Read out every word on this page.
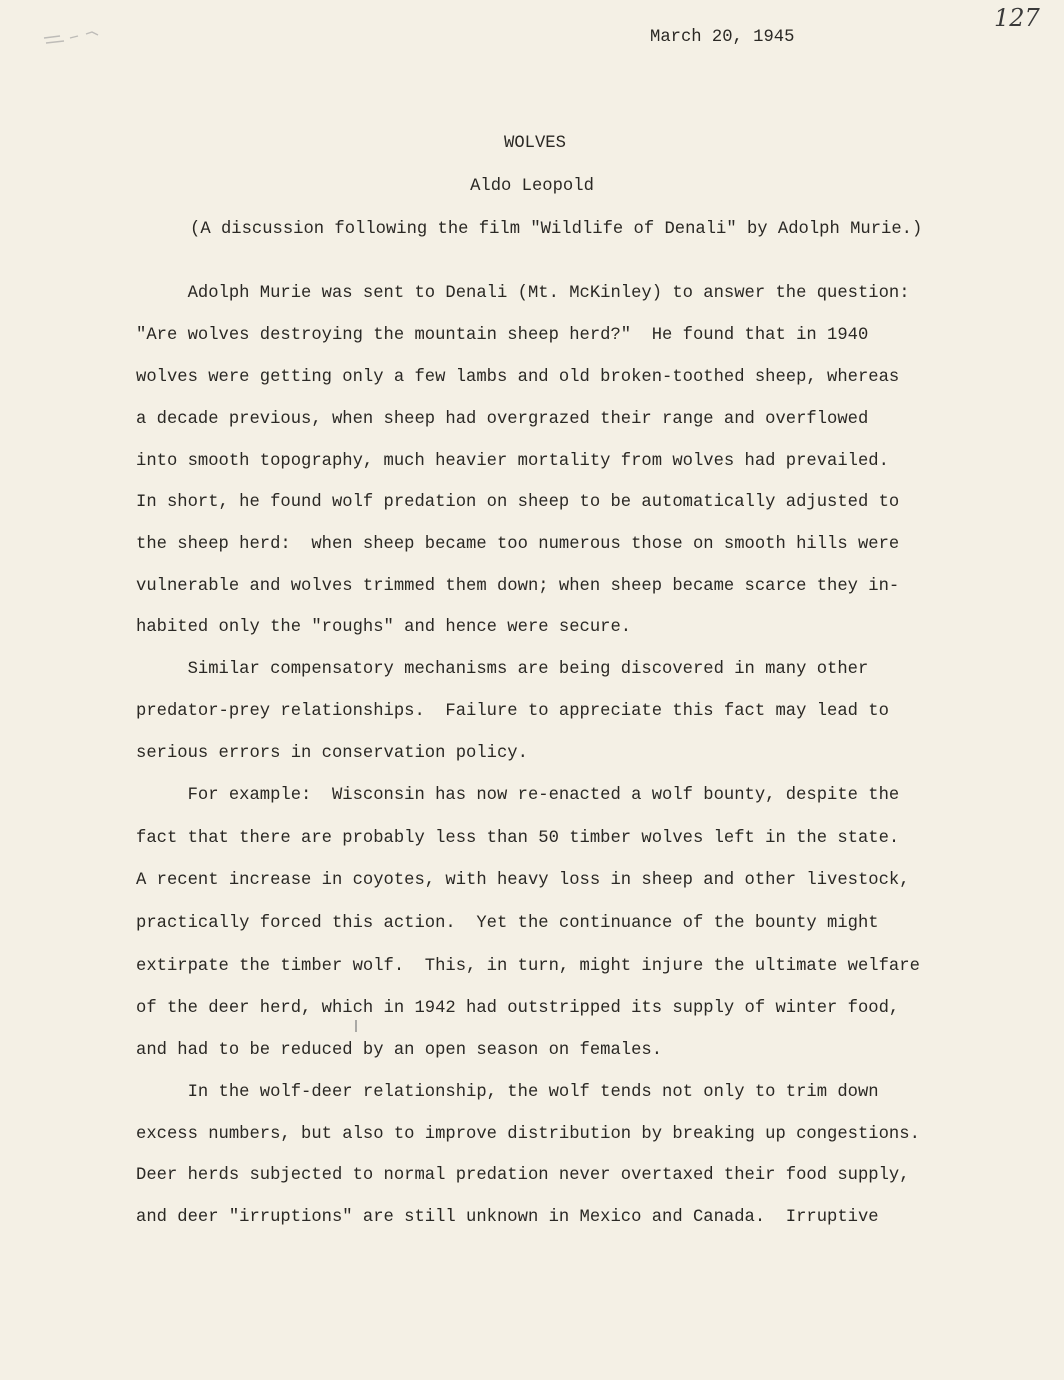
127
March 20, 1945
WOLVES
Aldo Leopold
(A discussion following the film "Wildlife of Denali" by Adolph Murie.)
Adolph Murie was sent to Denali (Mt. McKinley) to answer the question:
"Are wolves destroying the mountain sheep herd?"  He found that in 1940
wolves were getting only a few lambs and old broken-toothed sheep, whereas
a decade previous, when sheep had overgrazed their range and overflowed
into smooth topography, much heavier mortality from wolves had prevailed.
In short, he found wolf predation on sheep to be automatically adjusted to
the sheep herd:  when sheep became too numerous those on smooth hills were
vulnerable and wolves trimmed them down; when sheep became scarce they in-
habited only the "roughs" and hence were secure.
Similar compensatory mechanisms are being discovered in many other
predator-prey relationships.  Failure to appreciate this fact may lead to
serious errors in conservation policy.
For example:  Wisconsin has now re-enacted a wolf bounty, despite the
fact that there are probably less than 50 timber wolves left in the state.
A recent increase in coyotes, with heavy loss in sheep and other livestock,
practically forced this action.  Yet the continuance of the bounty might
extirpate the timber wolf.  This, in turn, might injure the ultimate welfare
of the deer herd, which in 1942 had outstripped its supply of winter food,
and had to be reduced by an open season on females.
In the wolf-deer relationship, the wolf tends not only to trim down
excess numbers, but also to improve distribution by breaking up congestions.
Deer herds subjected to normal predation never overtaxed their food supply,
and deer "irruptions" are still unknown in Mexico and Canada.  Irruptive
